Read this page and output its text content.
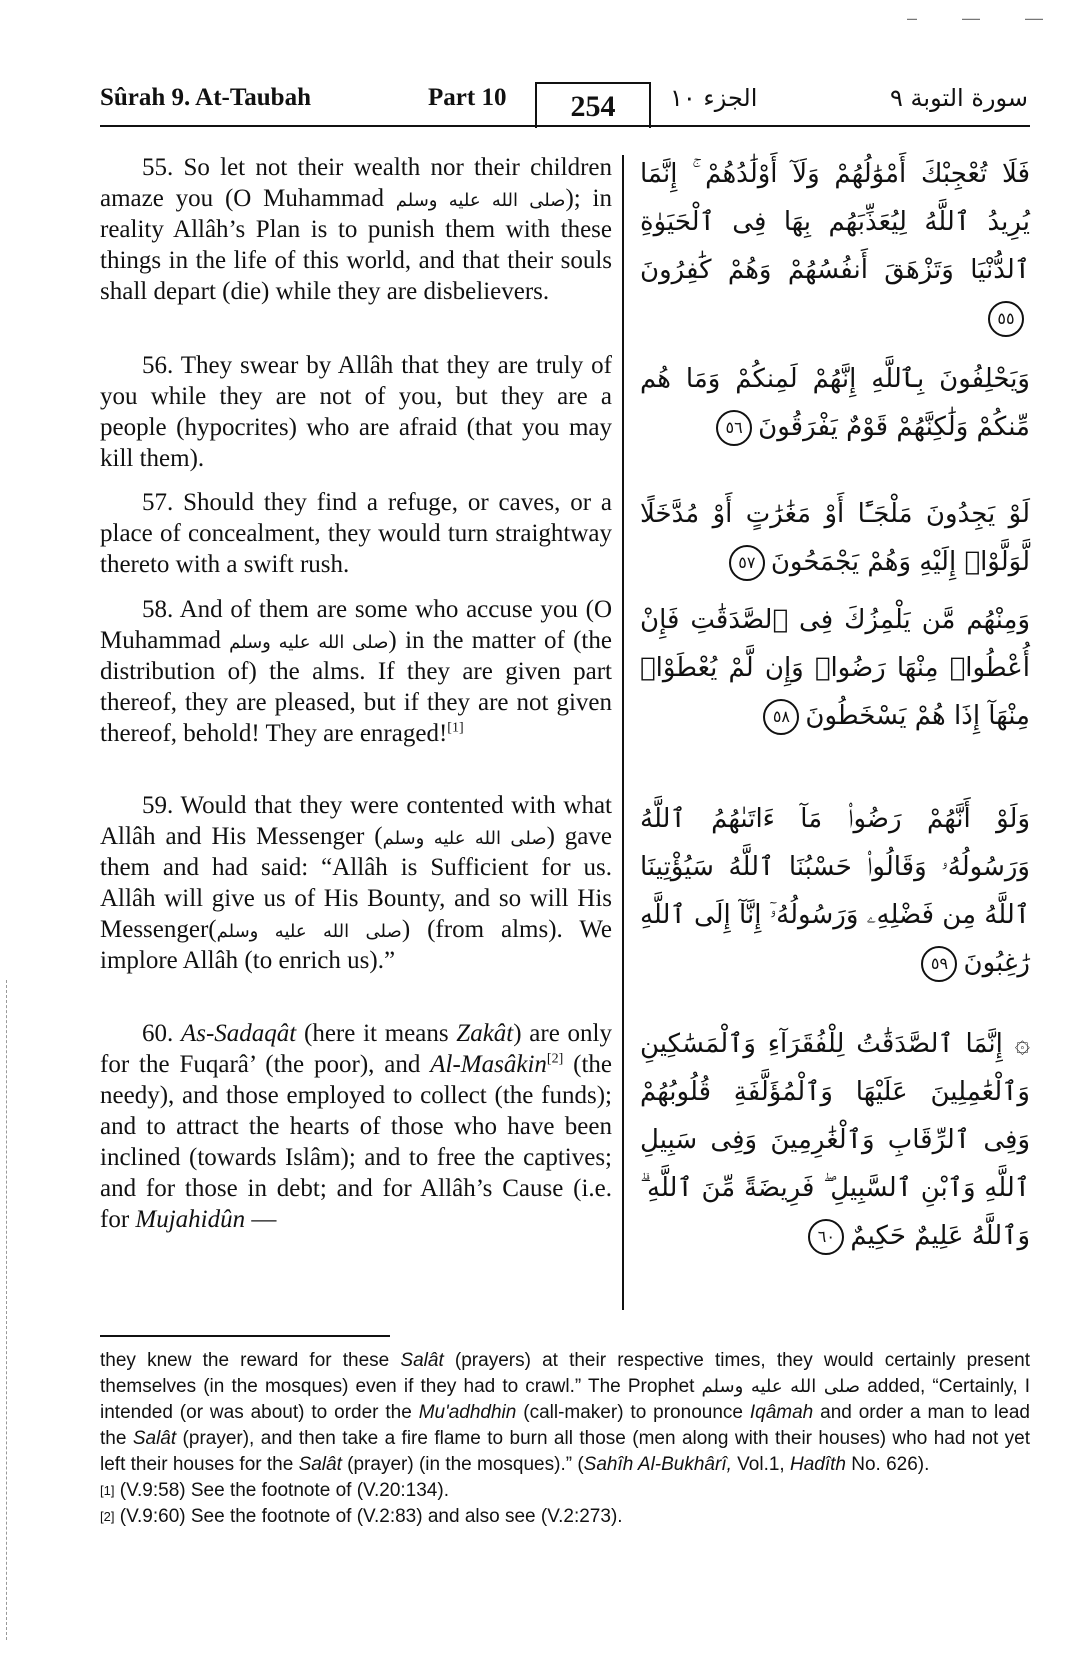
– — —
Sûrah 9. At-Taubah	Part 10	254	الجزء ١٠	سورة التوبة ٩

55. So let not their wealth nor their children amaze you (O Muhammad صلى الله عليه وسلم); in reality Allâh’s Plan is to punish them with these things in the life of this world, and that their souls shall depart (die) while they are disbelievers.

فَلَا تُعْجِبْكَ أَمْوَٰلُهُمْ وَلَآ أَوْلَٰدُهُمْ ۚ إِنَّمَا يُرِيدُ ٱللَّهُ لِيُعَذِّبَهُم بِهَا فِى ٱلْحَيَوٰةِ ٱلدُّنْيَا وَتَزْهَقَ أَنفُسُهُمْ وَهُمْ كَٰفِرُونَ٥٥

56. They swear by Allâh that they are truly of you while they are not of you, but they are a people (hypocrites) who are afraid (that you may kill them).

وَيَحْلِفُونَ بِٱللَّهِ إِنَّهُمْ لَمِنكُمْ وَمَا هُم مِّنكُمْ وَلَٰكِنَّهُمْ قَوْمٌ يَفْرَقُونَ٥٦

57. Should they find a refuge, or caves, or a place of concealment, they would turn straightway thereto with a swift rush.

لَوْ يَجِدُونَ مَلْجَـًٔا أَوْ مَغَٰرَٰتٍ أَوْ مُدَّخَلًا لَّوَلَّوْا۟ إِلَيْهِ وَهُمْ يَجْمَحُونَ٥٧

58. And of them are some who accuse you (O Muhammad صلى الله عليه وسلم) in the matter of (the distribution of) the alms. If they are given part thereof, they are pleased, but if they are not given thereof, behold! They are enraged![1]

وَمِنْهُم مَّن يَلْمِزُكَ فِى ٱلصَّدَقَٰتِ فَإِنْ أُعْطُوا۟ مِنْهَا رَضُوا۟ وَإِن لَّمْ يُعْطَوْا۟ مِنْهَآ إِذَا هُمْ يَسْخَطُونَ٥٨

59. Would that they were contented with what Allâh and His Messenger (صلى الله عليه وسلم) gave them and had said: “Allâh is Sufficient for us. Allâh will give us of His Bounty, and so will His Messenger(صلى الله عليه وسلم) (from alms). We implore Allâh (to enrich us).”

وَلَوْ أَنَّهُمْ رَضُوا۟ مَآ ءَاتَىٰهُمُ ٱللَّهُ وَرَسُولُهُۥ وَقَالُوا۟ حَسْبُنَا ٱللَّهُ سَيُؤْتِينَا ٱللَّهُ مِن فَضْلِهِۦ وَرَسُولُهُۥٓ إِنَّآ إِلَى ٱللَّهِ رَٰغِبُونَ٥٩

60. As-Sadaqât (here it means Zakât) are only for the Fuqarâ’ (the poor), and Al-Masâkin[2] (the needy), and those employed to collect (the funds); and to attract the hearts of those who have been inclined (towards Islâm); and to free the captives; and for those in debt; and for Allâh’s Cause (i.e. for Mujahidûn —

۞ إِنَّمَا ٱلصَّدَقَٰتُ لِلْفُقَرَآءِ وَٱلْمَسَٰكِينِ وَٱلْعَٰمِلِينَ عَلَيْهَا وَٱلْمُؤَلَّفَةِ قُلُوبُهُمْ وَفِى ٱلرِّقَابِ وَٱلْغَٰرِمِينَ وَفِى سَبِيلِ ٱللَّهِ وَٱبْنِ ٱلسَّبِيلِ ۖ فَرِيضَةً مِّنَ ٱللَّهِ ۗ وَٱللَّهُ عَلِيمٌ حَكِيمٌ٦٠

they knew the reward for these Salât (prayers) at their respective times, they would certainly present themselves (in the mosques) even if they had to crawl.” The Prophet صلى الله عليه وسلم added, “Certainly, I intended (or was about) to order the Mu'adhdhin (call-maker) to pronounce Iqâmah and order a man to lead the Salât (prayer), and then take a fire flame to burn all those (men along with their houses) who had not yet left their houses for the Salât (prayer) (in the mosques).” (Sahîh Al-Bukhârî, Vol.1, Hadîth No. 626).

[1] (V.9:58) See the footnote of (V.20:134).

[2] (V.9:60) See the footnote of (V.2:83) and also see (V.2:273).
